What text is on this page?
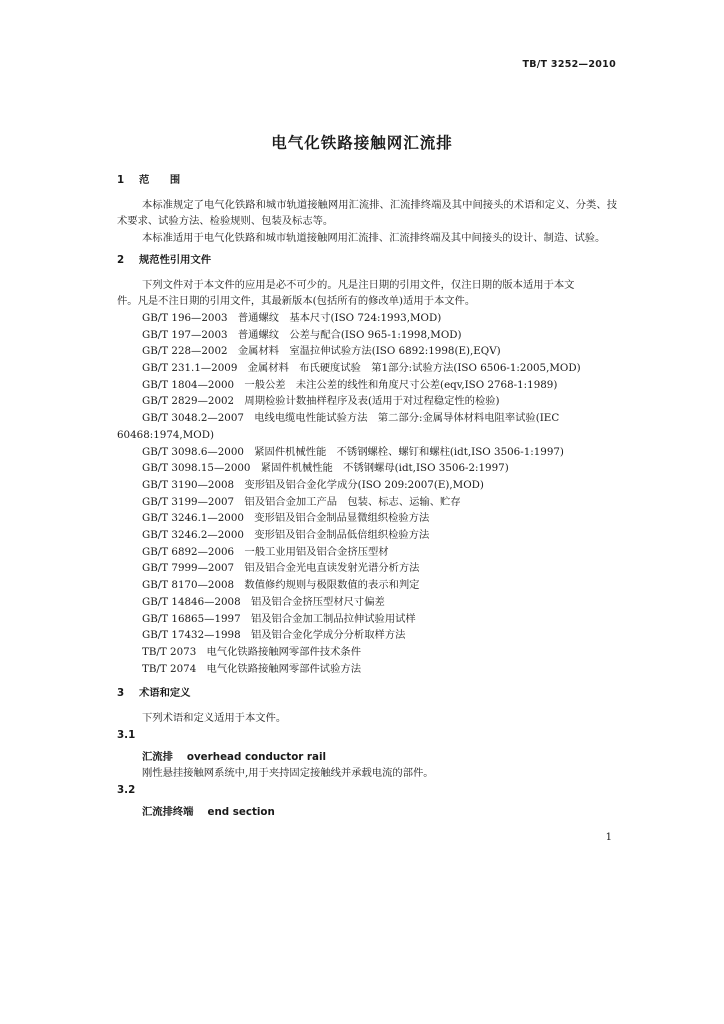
TB/T 3252—2010
电气化铁路接触网汇流排
1 范　　围
本标准规定了电气化铁路和城市轨道接触网用汇流排、汇流排终端及其中间接头的术语和定义、分类、技术要求、试验方法、检验规则、包装及标志等。
本标准适用于电气化铁路和城市轨道接触网用汇流排、汇流排终端及其中间接头的设计、制造、试验。
2 规范性引用文件
下列文件对于本文件的应用是必不可少的。凡是注日期的引用文件，仅注日期的版本适用于本文
件。凡是不注日期的引用文件，其最新版本(包括所有的修改单)适用于本文件。
GB/T 196—2003　普通螺纹　基本尺寸(ISO 724:1993,MOD)
GB/T 197—2003　普通螺纹　公差与配合(ISO 965-1:1998,MOD)
GB/T 228—2002　金属材料　室温拉伸试验方法(ISO 6892:1998(E),EQV)
GB/T 231.1—2009　金属材料　布氏硬度试验　第1部分:试验方法(ISO 6506-1:2005,MOD)
GB/T 1804—2000　一般公差　未注公差的线性和角度尺寸公差(eqv,ISO 2768-1:1989)
GB/T 2829—2002　周期检验计数抽样程序及表(适用于对过程稳定性的检验)
GB/T 3048.2—2007　电线电缆电性能试验方法　第二部分:金属导体材料电阻率试验(IEC
60468:1974,MOD)
GB/T 3098.6—2000　紧固件机械性能　不锈钢螺栓、螺钉和螺柱(idt,ISO 3506-1:1997)
GB/T 3098.15—2000　紧固件机械性能　不锈钢螺母(idt,ISO 3506-2:1997)
GB/T 3190—2008　变形铝及铝合金化学成分(ISO 209:2007(E),MOD)
GB/T 3199—2007　铝及铝合金加工产品　包装、标志、运输、贮存
GB/T 3246.1—2000　变形铝及铝合金制品显微组织检验方法
GB/T 3246.2—2000　变形铝及铝合金制品低倍组织检验方法
GB/T 6892—2006　一般工业用铝及铝合金挤压型材
GB/T 7999—2007　铝及铝合金光电直读发射光谱分析方法
GB/T 8170—2008　数值修约规则与极限数值的表示和判定
GB/T 14846—2008　铝及铝合金挤压型材尺寸偏差
GB/T 16865—1997　铝及铝合金加工制品拉伸试验用试样
GB/T 17432—1998　铝及铝合金化学成分分析取样方法
TB/T 2073　电气化铁路接触网零部件技术条件
TB/T 2074　电气化铁路接触网零部件试验方法
3 术语和定义
下列术语和定义适用于本文件。
3.1
汇流排 overhead conductor rail
刚性悬挂接触网系统中,用于夹持固定接触线并承载电流的部件。
3.2
汇流排终端 end section
1
